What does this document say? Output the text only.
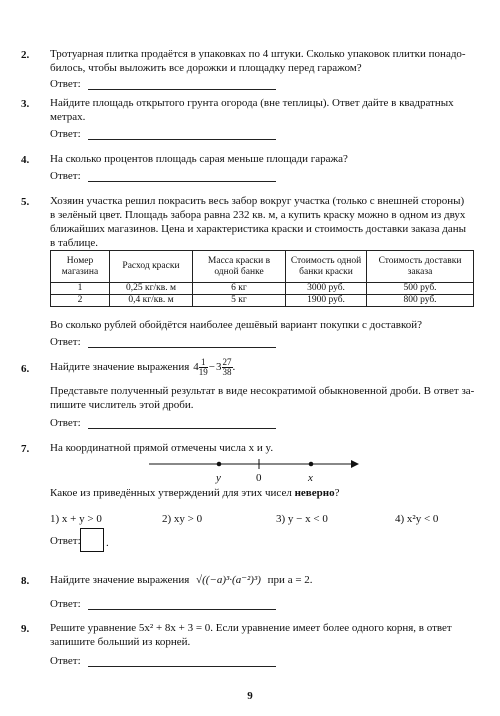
2. Тротуарная плитка продаётся в упаковках по 4 штуки. Сколько упаковок плитки понадо-
билось, чтобы выложить все дорожки и площадку перед гаражом?
Ответ:
3. Найдите площадь открытого грунта огорода (вне теплицы). Ответ дайте в квадратных
метрах.
Ответ:
4. На сколько процентов площадь сарая меньше площади гаража?
Ответ:
5. Хозяин участка решил покрасить весь забор вокруг участка (только с внешней стороны)
в зелёный цвет. Площадь забора равна 232 кв. м, а купить краску можно в одном из двух
ближайших магазинов. Цена и характеристика краски и стоимость доставки заказа даны
в таблице.
Номер магазина	Расход краски	Масса краски в одной банке	Стоимость одной банки краски	Стоимость доставки заказа
1	0,25 кг/кв. м	6 кг	3000 руб.	500 руб.
2	0,4 кг/кв. м	5 кг	1900 руб.	800 руб.
Во сколько рублей обойдётся наиболее дешёвый вариант покупки с доставкой?
Ответ:
6. Найдите значение выражения $4 \frac{1}{19} - 3 \frac{27}{38}$ .
Представьте полученный результат в виде несократимой обыкновенной дроби. В ответ за-
пишите числитель этой дроби.
Ответ:
7. На координатной прямой отмечены числа x и y.
y	0	x
Какое из приведённых утверждений для этих чисел неверно?
1) x + y > 0	2) xy > 0	3) y − x < 0	4) x²y < 0
Ответ: .
8. Найдите значение выражения √((−a)³·(a⁻²)³) при a = 2.
Ответ:
9. Решите уравнение 5x² + 8x + 3 = 0. Если уравнение имеет более одного корня, в ответ
запишите больший из корней.
Ответ:
9
